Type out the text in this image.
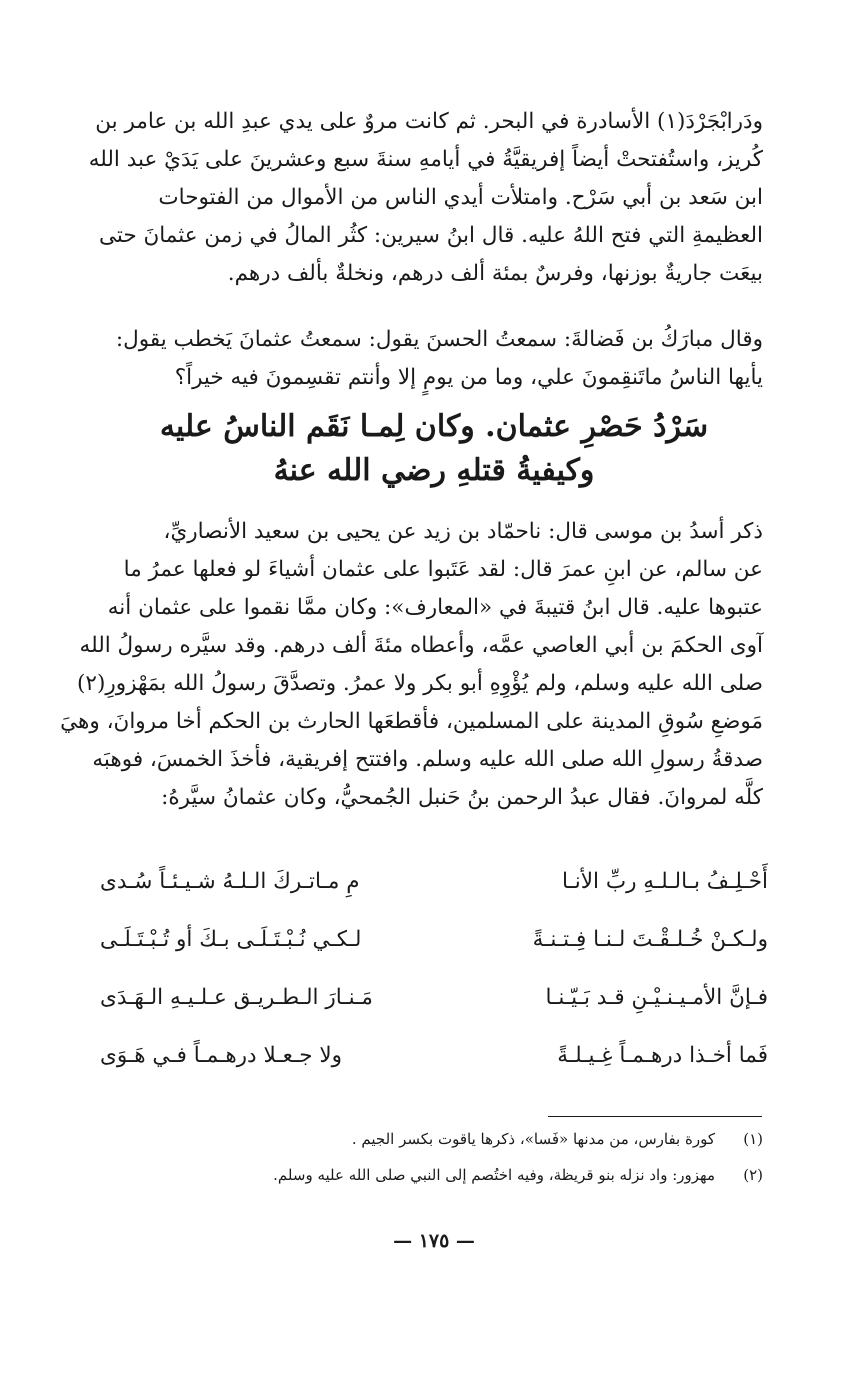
ودَرابْجَرْدَ(١) الأسادرة في البحر. ثم كانت مروٌ على يدي عبدِ الله بن عامر بن
كُريز، واستُفتحتْ أيضاً إفريقيَّةُ في أيامهِ سنةَ سبع وعشرينَ على يَدَيْ عبد الله
ابن سَعد بن أبي سَرْح. وامتلأت أيدي الناس من الأموال من الفتوحات
العظيمةِ التي فتح اللهُ عليه. قال ابنُ سيرين: كثُر المالُ في زمن عثمانَ حتى
بيعَت جاريةٌ بوزنها، وفرسٌ بمئة ألف درهم، ونخلةٌ بألف درهم.
وقال مبارَكُ بن فَضالةَ: سمعتُ الحسنَ يقول: سمعتُ عثمانَ يَخطب يقول:
يأيها الناسُ ماتَنقِمونَ علي، وما من يومٍ إلا وأنتم تقسِمونَ فيه خيراً؟
سَرْدُ حَصْرِ عثمان. وكان لِمـا نَقَم الناسُ عليه
وكيفيةُ قتلهِ رضي الله عنهُ
ذكر أسدُ بن موسى قال: ناحمّاد بن زيد عن يحيى بن سعيد الأنصاريِّ،
عن سالم، عن ابنِ عمرَ قال: لقد عَتَبوا على عثمان أشياءَ لو فعلها عمرُ ما
عتبوها عليه. قال ابنُ قتيبةَ في «المعارف»: وكان ممَّا نقموا على عثمان أنه
آوى الحكمَ بن أبي العاصي عمَّه، وأعطاه مئةَ ألف درهم. وقد سيَّره رسولُ الله
صلى الله عليه وسلم، ولم يُؤْوِهِ أبو بكر ولا عمرُ. وتصدَّقَ رسولُ الله بمَهْزورِ(٢)
مَوضعِ سُوقِ المدينة على المسلمين، فأقطعَها الحارث بن الحكم أخا مروانَ، وهيَ
صدقةُ رسولِ الله صلى الله عليه وسلم. وافتتح إفريقية، فأخذَ الخمسَ، فوهبَه
كلَّه لمروانَ. فقال عبدُ الرحمن بنُ حَنبل الجُمحيُّ، وكان عثمانُ سيَّرهُ:
أَحْـلِـفُ بـالـلـهِ ربِّ الأنـا
مِ مـاتـركَ الـلـهُ شـيـئـاً سُـدى
ولـكـنْ خُـلـقْـتَ لـنـا فِـتـنـةً
لـكـي نُـبْـتَـلَـى بـكَ أو تُـبْـتَـلَـى
فـإنَّ الأمـيـنـيْـنِ قـد بَـيّـنـا
مَـنـارَ الـطـريـق عـلـيـهِ الـهَـدَى
فَما أخـذا درهـمـاً غِـيـلـةً
ولا جـعـلا درهـمـاً فـي هَـوَى
(١)
كورة بفارس، من مدنها «فَسا»، ذكرها ياقوت بكسر الجيم .
(٢)
مهزور: واد نزله بنو قريظة، وفيه اختُصم إلى النبي صلى الله عليه وسلم.
— ١٧٥ —
